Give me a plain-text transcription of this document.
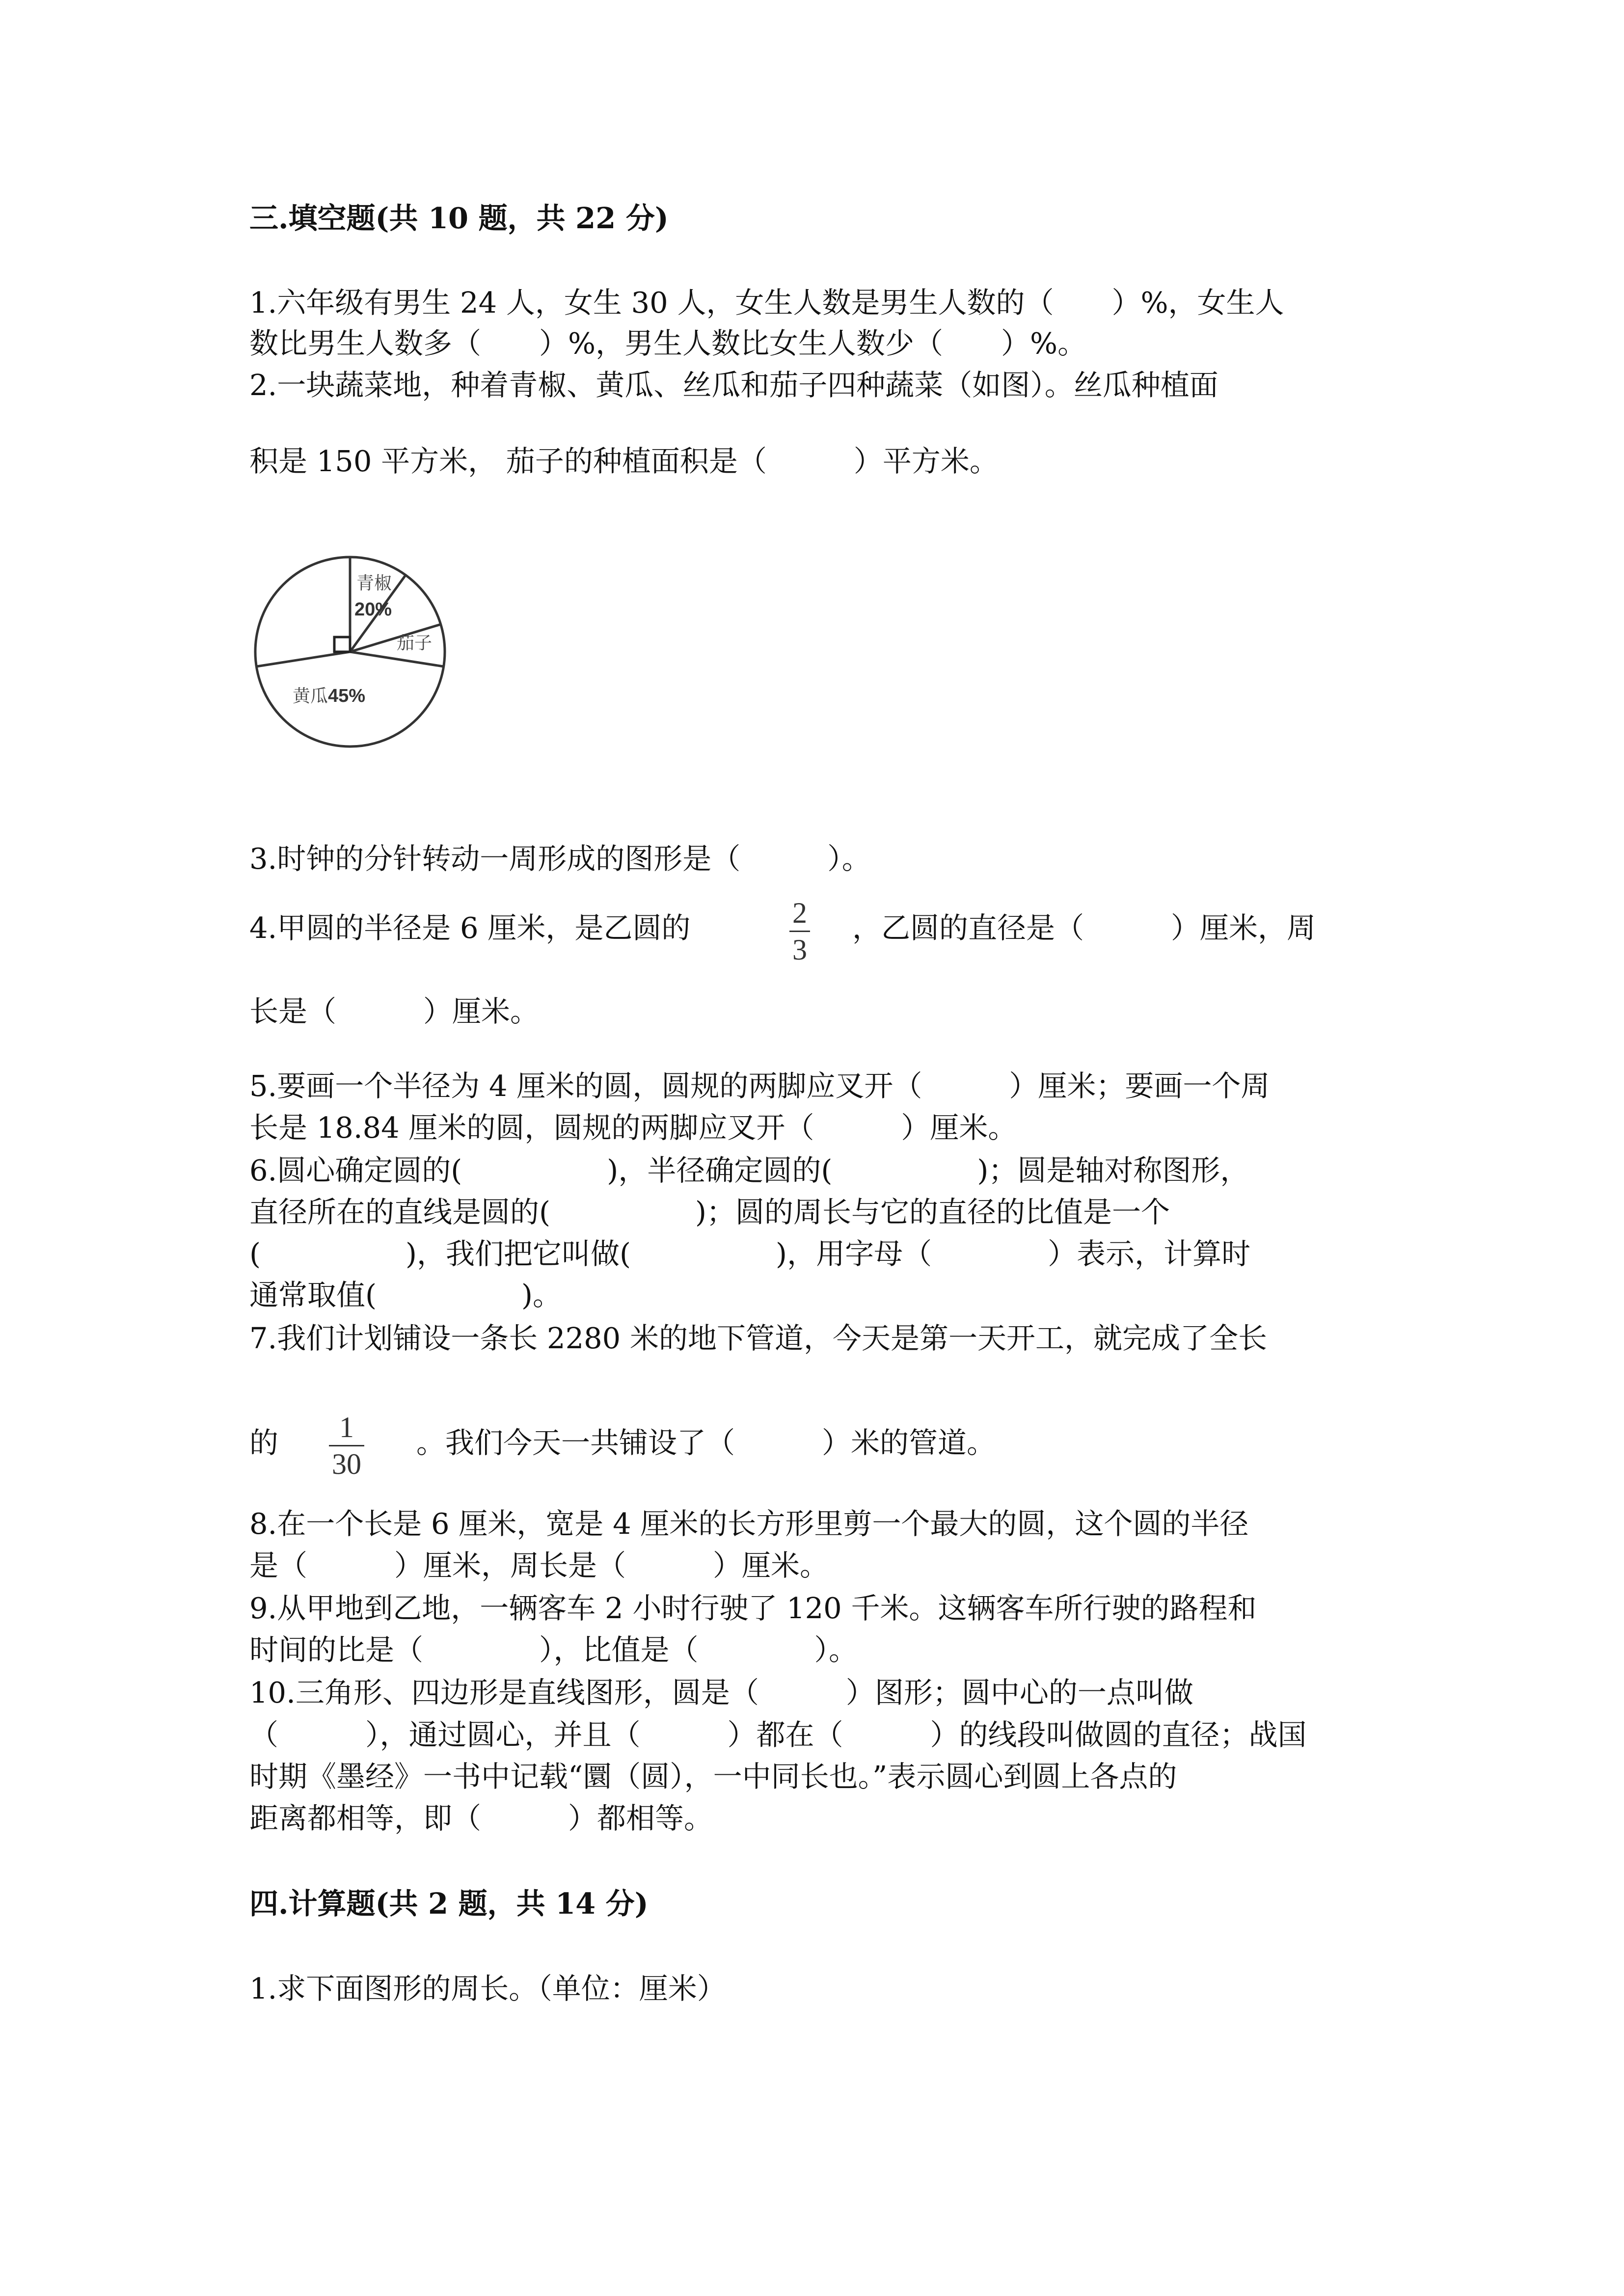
三.填空题(共 10 题，共 22 分)
1.六年级有男生 24 人，女生 30 人，女生人数是男生人数的（　　）%，女生人
数比男生人数多（　　）%，男生人数比女生人数少（　　）%。
2.一块蔬菜地，种着青椒、黄瓜、丝瓜和茄子四种蔬菜（如图）。丝瓜种植面
积是 150 平方米， 茄子的种植面积是（　　　）平方米。
青椒
20%
茄子
黄瓜 45%
3.时钟的分针转动一周形成的图形是（　　　）。
4.甲圆的半径是 6 厘米，是乙圆的	2
3
，乙圆的直径是（　　　）厘米，周
长是（　　　）厘米。
5.要画一个半径为 4 厘米的圆，圆规的两脚应叉开（　　　）厘米；要画一个周
长是 18.84 厘米的圆，圆规的两脚应叉开（　　　）厘米。
6.圆心确定圆的(　　　　　)，半径确定圆的(　　　　　)；圆是轴对称图形，
直径所在的直线是圆的(　　　　　)；圆的周长与它的直径的比值是一个
(　　　　　)，我们把它叫做(　　　　　)，用字母（　　　　）表示，计算时
通常取值(　　　　　)。
7.我们计划铺设一条长 2280 米的地下管道，今天是第一天开工，就完成了全长
的	1
30
。我们今天一共铺设了（　　　）米的管道。
8.在一个长是 6 厘米，宽是 4 厘米的长方形里剪一个最大的圆，这个圆的半径
是（　　　）厘米，周长是（　　　）厘米。
9.从甲地到乙地，一辆客车 2 小时行驶了 120 千米。这辆客车所行驶的路程和
时间的比是（　　　　），比值是（　　　　）。
10.三角形、四边形是直线图形，圆是（　　　）图形；圆中心的一点叫做
（　　　），通过圆心，并且（　　　）都在（　　　）的线段叫做圆的直径；战国
时期《墨经》一书中记载“圜（圆），一中同长也。”表示圆心到圆上各点的
距离都相等，即（　　　）都相等。
四.计算题(共 2 题，共 14 分)
1.求下面图形的周长。（单位：厘米）
